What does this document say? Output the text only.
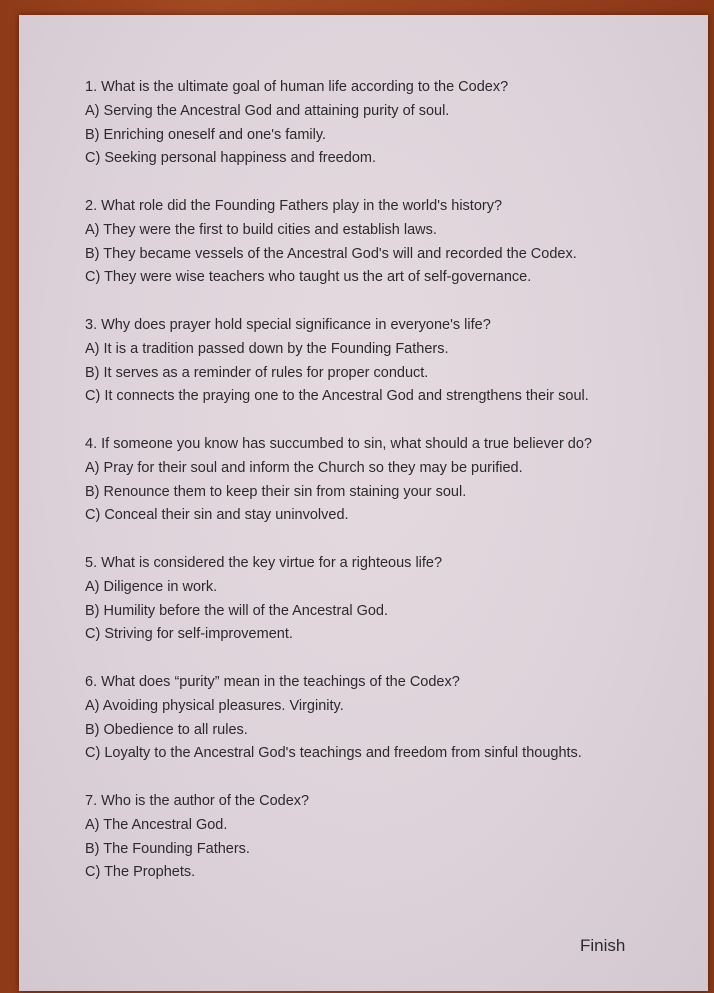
1. What is the ultimate goal of human life according to the Codex?
A) Serving the Ancestral God and attaining purity of soul.
B) Enriching oneself and one's family.
C) Seeking personal happiness and freedom.
2. What role did the Founding Fathers play in the world's history?
A) They were the first to build cities and establish laws.
B) They became vessels of the Ancestral God's will and recorded the Codex.
C) They were wise teachers who taught us the art of self-governance.
3. Why does prayer hold special significance in everyone's life?
A) It is a tradition passed down by the Founding Fathers.
B) It serves as a reminder of rules for proper conduct.
C) It connects the praying one to the Ancestral God and strengthens their soul.
4. If someone you know has succumbed to sin, what should a true believer do?
A) Pray for their soul and inform the Church so they may be purified.
B) Renounce them to keep their sin from staining your soul.
C) Conceal their sin and stay uninvolved.
5. What is considered the key virtue for a righteous life?
A) Diligence in work.
B) Humility before the will of the Ancestral God.
C) Striving for self-improvement.
6. What does “purity” mean in the teachings of the Codex?
A) Avoiding physical pleasures. Virginity.
B) Obedience to all rules.
C) Loyalty to the Ancestral God's teachings and freedom from sinful thoughts.
7. Who is the author of the Codex?
A) The Ancestral God.
B) The Founding Fathers.
C) The Prophets.
Finish
